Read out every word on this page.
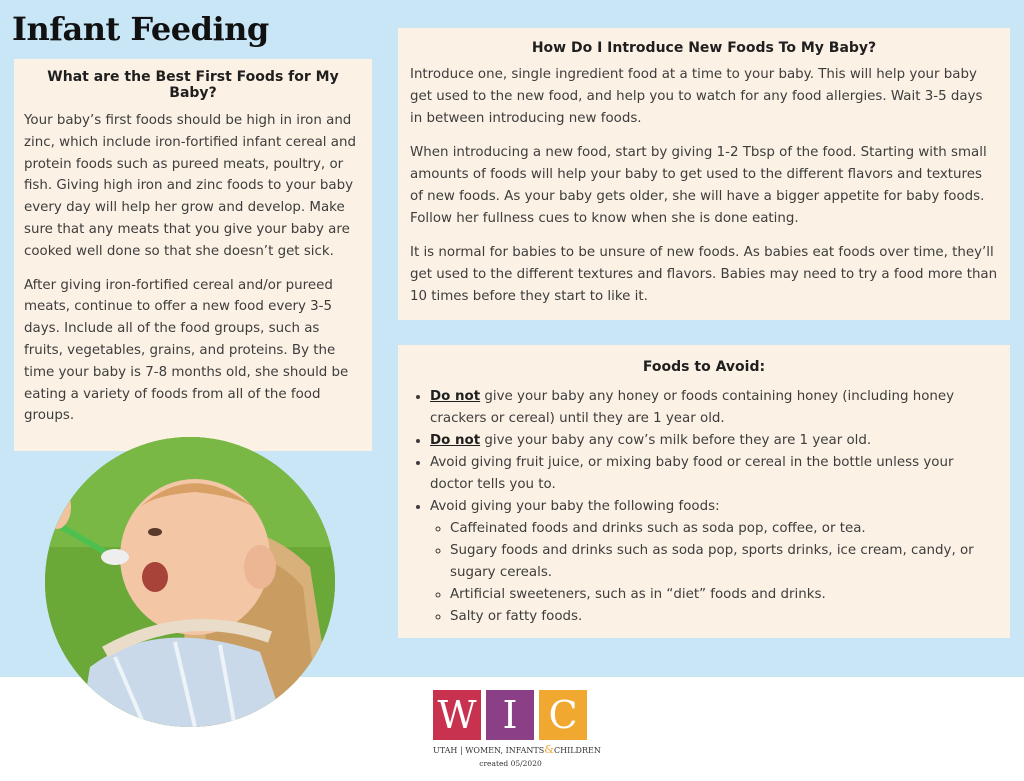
Infant Feeding
What are the Best First Foods for My Baby?

Your baby’s first foods should be high in iron and zinc, which include iron-fortified infant cereal and protein foods such as pureed meats, poultry, or fish. Giving high iron and zinc foods to your baby every day will help her grow and develop. Make sure that any meats that you give your baby are cooked well done so that she doesn’t get sick.

After giving iron-fortified cereal and/or pureed meats, continue to offer a new food every 3-5 days. Include all of the food groups, such as fruits, vegetables, grains, and proteins. By the time your baby is 7-8 months old, she should be eating a variety of foods from all of the food groups.

How Do I Introduce New Foods To My Baby?

Introduce one, single ingredient food at a time to your baby. This will help your baby get used to the new food, and help you to watch for any food allergies. Wait 3-5 days in between introducing new foods.

When introducing a new food, start by giving 1-2 Tbsp of the food. Starting with small amounts of foods will help your baby to get used to the different flavors and textures of new foods. As your baby gets older, she will have a bigger appetite for baby foods. Follow her fullness cues to know when she is done eating.

It is normal for babies to be unsure of new foods. As babies eat foods over time, they’ll get used to the different textures and flavors. Babies may need to try a food more than 10 times before they start to like it.

Foods to Avoid:
• Do not give your baby any honey or foods containing honey (including honey crackers or cereal) until they are 1 year old.
• Do not give your baby any cow’s milk before they are 1 year old.
• Avoid giving fruit juice, or mixing baby food or cereal in the bottle unless your doctor tells you to.
• Avoid giving your baby the following foods:
◦ Caffeinated foods and drinks such as soda pop, coffee, or tea.
◦ Sugary foods and drinks such as soda pop, sports drinks, ice cream, candy, or sugary cereals.
◦ Artificial sweeteners, such as in “diet” foods and drinks.
◦ Salty or fatty foods.
W I C
UTAH | WOMEN, INFANTS&CHILDREN
created 05/2020
